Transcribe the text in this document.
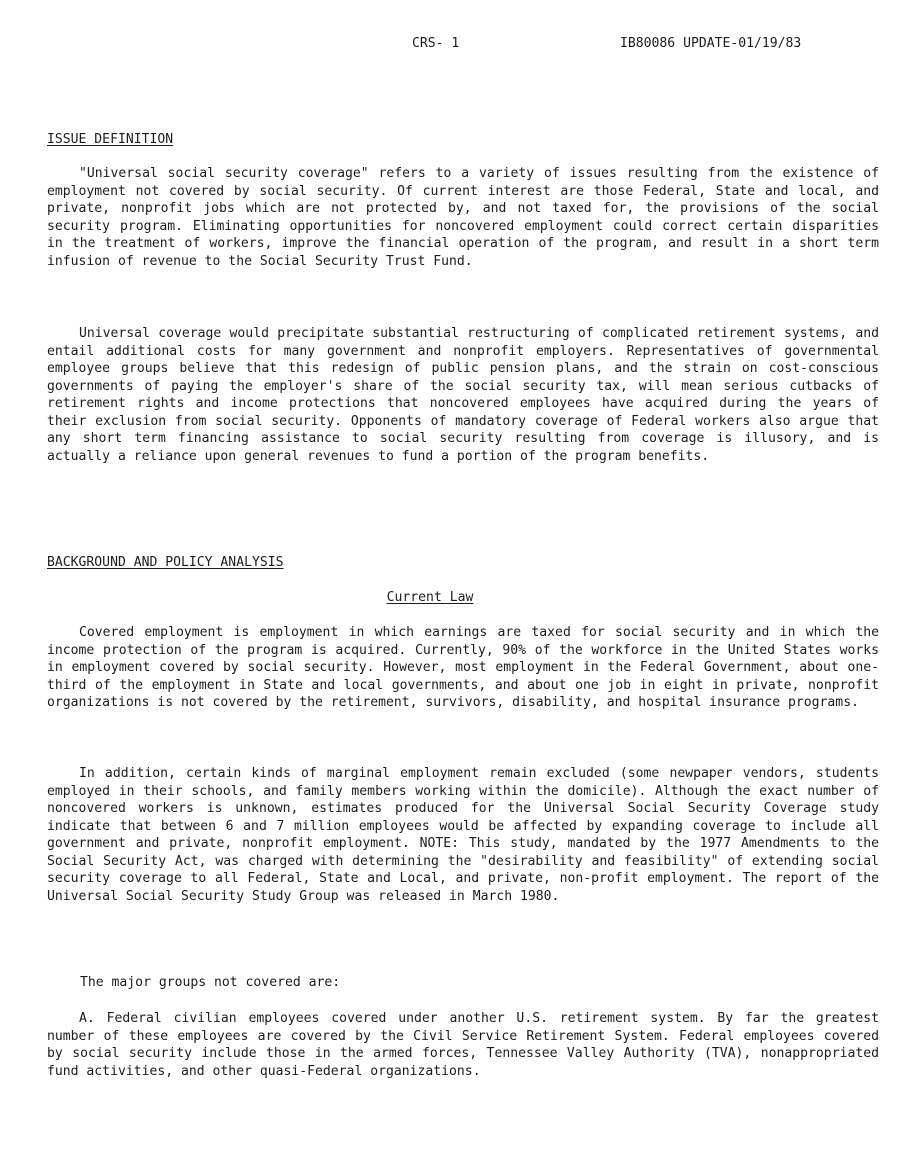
CRS- 1	IB80086 UPDATE-01/19/83
ISSUE DEFINITION

"Universal social security coverage" refers to a variety of issues resulting from the existence of employment not covered by social security. Of current interest are those Federal, State and local, and private, nonprofit jobs which are not protected by, and not taxed for, the provisions of the social security program. Eliminating opportunities for noncovered employment could correct certain disparities in the treatment of workers, improve the financial operation of the program, and result in a short term infusion of revenue to the Social Security Trust Fund.

Universal coverage would precipitate substantial restructuring of complicated retirement systems, and entail additional costs for many government and nonprofit employers. Representatives of governmental employee groups believe that this redesign of public pension plans, and the strain on cost-conscious governments of paying the employer's share of the social security tax, will mean serious cutbacks of retirement rights and income protections that noncovered employees have acquired during the years of their exclusion from social security. Opponents of mandatory coverage of Federal workers also argue that any short term financing assistance to social security resulting from coverage is illusory, and is actually a reliance upon general revenues to fund a portion of the program benefits.

BACKGROUND AND POLICY ANALYSIS
Current Law

Covered employment is employment in which earnings are taxed for social security and in which the income protection of the program is acquired. Currently, 90% of the workforce in the United States works in employment covered by social security. However, most employment in the Federal Government, about one-third of the employment in State and local governments, and about one job in eight in private, nonprofit organizations is not covered by the retirement, survivors, disability, and hospital insurance programs.

In addition, certain kinds of marginal employment remain excluded (some newpaper vendors, students employed in their schools, and family members working within the domicile). Although the exact number of noncovered workers is unknown, estimates produced for the Universal Social Security Coverage study indicate that between 6 and 7 million employees would be affected by expanding coverage to include all government and private, nonprofit employment. NOTE: This study, mandated by the 1977 Amendments to the Social Security Act, was charged with determining the "desirability and feasibility" of extending social security coverage to all Federal, State and Local, and private, non-profit employment. The report of the Universal Social Security Study Group was released in March 1980.

The major groups not covered are:

A. Federal civilian employees covered under another U.S. retirement system. By far the greatest number of these employees are covered by the Civil Service Retirement System. Federal employees covered by social security include those in the armed forces, Tennessee Valley Authority (TVA), nonappropriated fund activities, and other quasi-Federal organizations.
